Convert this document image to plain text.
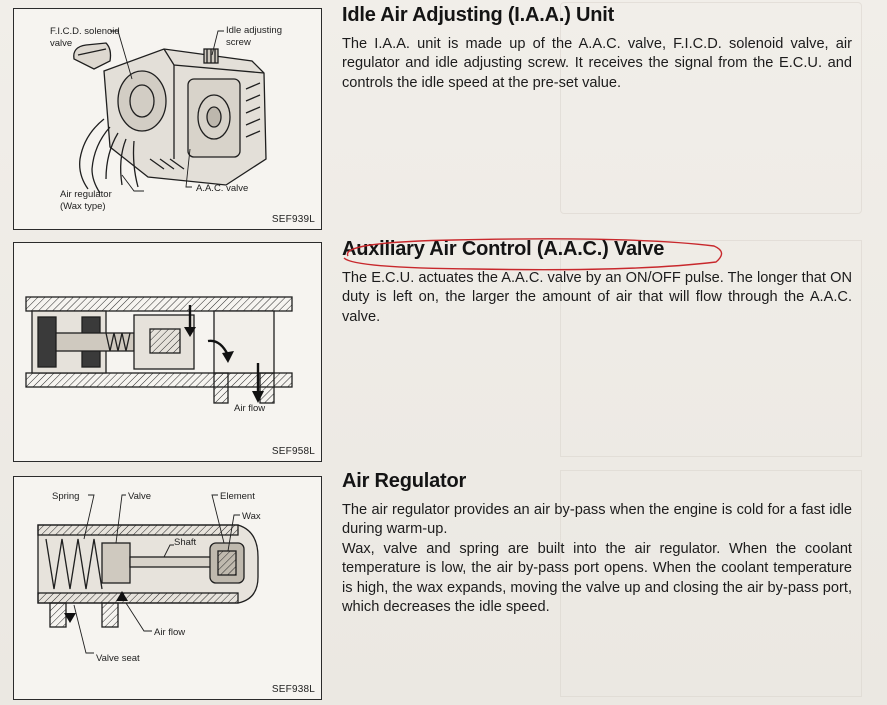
F.I.C.D. solenoid
valve
Idle adjusting
screw
Air regulator
(Wax type)
A.A.C. valve
SEF939L
Air flow
SEF958L
Spring	Valve	Element
Wax
Shaft
Air flow
Valve seat
SEF938L
Idle Air Adjusting (I.A.A.) Unit

The I.A.A. unit is made up of the A.A.C. valve, F.I.C.D. solenoid valve, air regulator and idle adjusting screw. It receives the signal from the E.C.U. and controls the idle speed at the pre-set value.

Auxiliary Air Control (A.A.C.) Valve

The E.C.U. actuates the A.A.C. valve by an ON/OFF pulse. The longer that ON duty is left on, the larger the amount of air that will flow through the A.A.C. valve.

Air Regulator

The air regulator provides an air by-pass when the engine is cold for a fast idle during warm-up.

Wax, valve and spring are built into the air regulator. When the coolant temperature is low, the air by-pass port opens. When the coolant temperature is high, the wax expands, moving the valve up and closing the air by-pass port, which decreases the idle speed.
